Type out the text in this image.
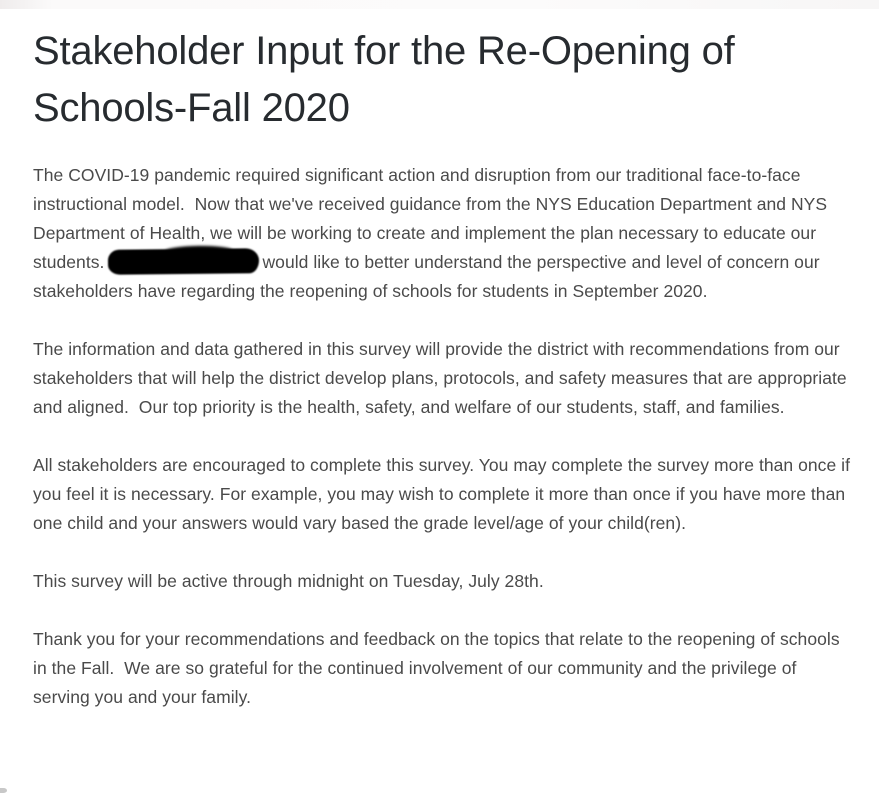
Stakeholder Input for the Re-Opening of Schools-Fall 2020

The COVID-19 pandemic required significant action and disruption from our traditional face-to-face instructional model.  Now that we've received guidance from the NYS Education Department and NYS Department of Health, we will be working to create and implement the plan necessary to educate our students.	would like to better understand the perspective and level of concern our stakeholders have regarding the reopening of schools for students in September 2020.

The information and data gathered in this survey will provide the district with recommendations from our stakeholders that will help the district develop plans, protocols, and safety measures that are appropriate and aligned.  Our top priority is the health, safety, and welfare of our students, staff, and families.

All stakeholders are encouraged to complete this survey. You may complete the survey more than once if you feel it is necessary. For example, you may wish to complete it more than once if you have more than one child and your answers would vary based the grade level/age of your child(ren).

This survey will be active through midnight on Tuesday, July 28th.

Thank you for your recommendations and feedback on the topics that relate to the reopening of schools in the Fall.  We are so grateful for the continued involvement of our community and the privilege of serving you and your family.
